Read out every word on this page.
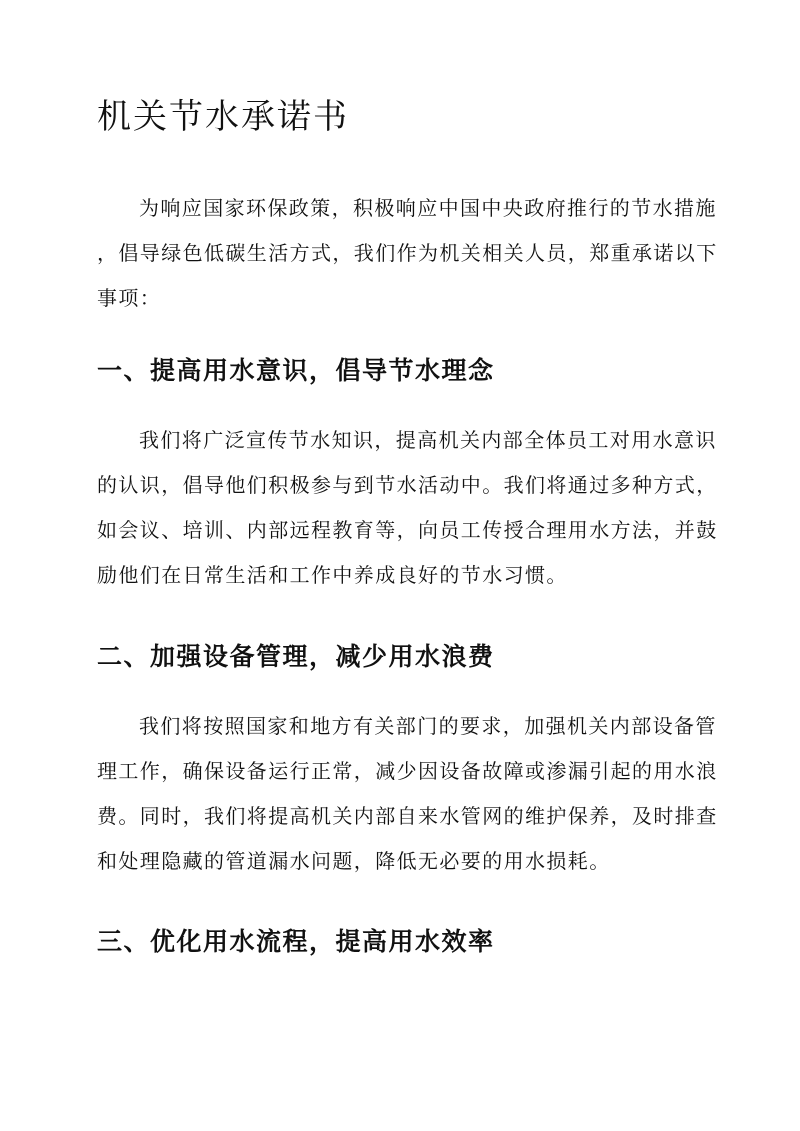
机关节水承诺书
为响应国家环保政策，积极响应中国中央政府推行的节水措施
，倡导绿色低碳生活方式，我们作为机关相关人员，郑重承诺以下
事项：
一、提高用水意识，倡导节水理念
我们将广泛宣传节水知识，提高机关内部全体员工对用水意识
的认识，倡导他们积极参与到节水活动中。我们将通过多种方式，
如会议、培训、内部远程教育等，向员工传授合理用水方法，并鼓
励他们在日常生活和工作中养成良好的节水习惯。
二、加强设备管理，减少用水浪费
我们将按照国家和地方有关部门的要求，加强机关内部设备管
理工作，确保设备运行正常，减少因设备故障或渗漏引起的用水浪
费。同时，我们将提高机关内部自来水管网的维护保养，及时排查
和处理隐藏的管道漏水问题，降低无必要的用水损耗。
三、优化用水流程，提高用水效率
